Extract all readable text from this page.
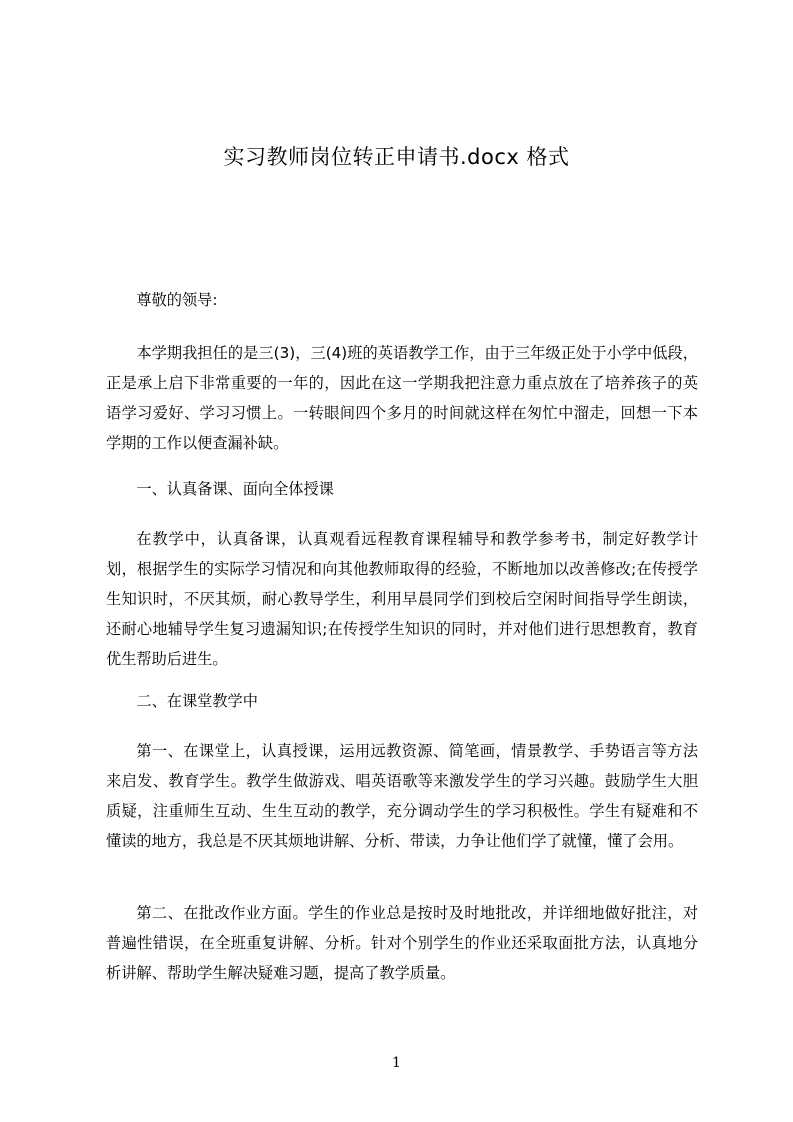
实习教师岗位转正申请书.docx 格式

尊敬的领导:

本学期我担任的是三(3)，三(4)班的英语教学工作，由于三年级正处于小学中低段，正是承上启下非常重要的一年的，因此在这一学期我把注意力重点放在了培养孩子的英语学习爱好、学习习惯上。一转眼间四个多月的时间就这样在匆忙中溜走，回想一下本学期的工作以便查漏补缺。

一、认真备课、面向全体授课

在教学中，认真备课，认真观看远程教育课程辅导和教学参考书，制定好教学计划，根据学生的实际学习情况和向其他教师取得的经验，不断地加以改善修改;在传授学生知识时，不厌其烦，耐心教导学生，利用早晨同学们到校后空闲时间指导学生朗读，还耐心地辅导学生复习遗漏知识;在传授学生知识的同时，并对他们进行思想教育，教育优生帮助后进生。

二、在课堂教学中

第一、在课堂上，认真授课，运用远教资源、简笔画，情景教学、手势语言等方法来启发、教育学生。教学生做游戏、唱英语歌等来激发学生的学习兴趣。鼓励学生大胆质疑，注重师生互动、生生互动的教学，充分调动学生的学习积极性。学生有疑难和不懂读的地方，我总是不厌其烦地讲解、分析、带读，力争让他们学了就懂，懂了会用。

第二、在批改作业方面。学生的作业总是按时及时地批改，并详细地做好批注，对普遍性错误，在全班重复讲解、分析。针对个别学生的作业还采取面批方法，认真地分析讲解、帮助学生解决疑难习题，提高了教学质量。

1
